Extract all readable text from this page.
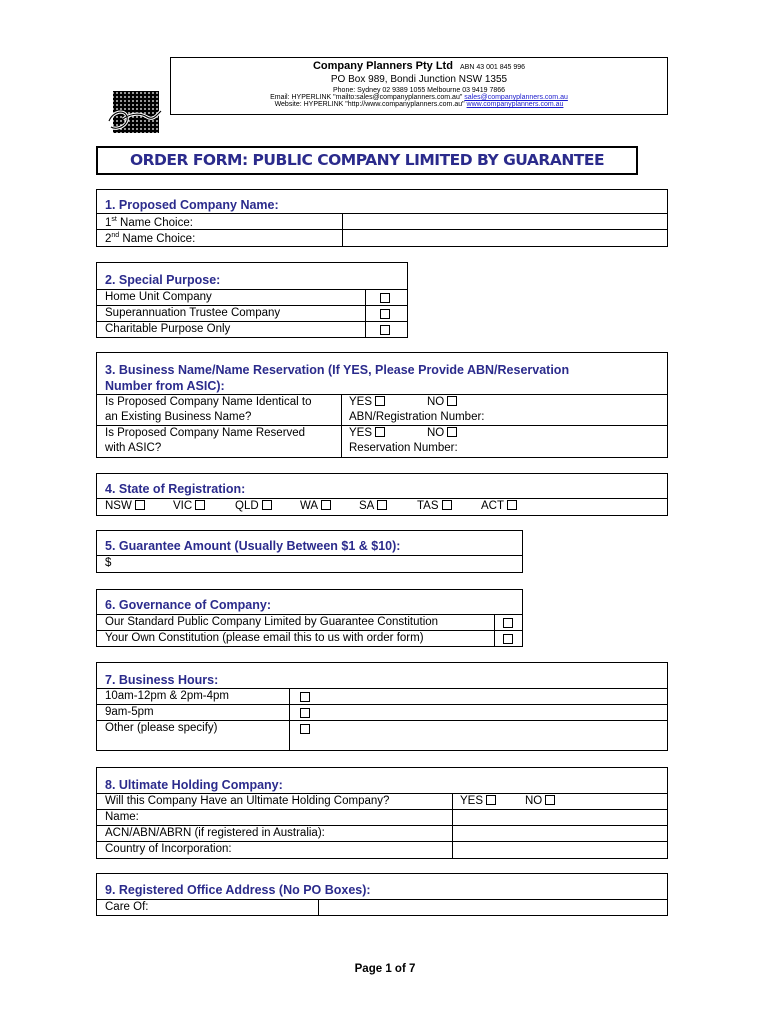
Company Planners Pty Ltd ABN 43 001 845 996
PO Box 989, Bondi Junction NSW 1355
Phone: Sydney 02 9389 1055 Melbourne 03 9419 7866
Email: HYPERLINK "mailto:sales@companyplanners.com.au" sales@companyplanners.com.au
Website: HYPERLINK "http://www.companyplanners.com.au" www.companyplanners.com.au
ORDER FORM: PUBLIC COMPANY LIMITED BY GUARANTEE
1. Proposed Company Name:
1st Name Choice:
2nd Name Choice:
2. Special Purpose:
Home Unit Company
Superannuation Trustee Company
Charitable Purpose Only
3. Business Name/Name Reservation (If YES, Please Provide ABN/Reservation
Number from ASIC):
Is Proposed Company Name Identical to
an Existing Business Name?
YES	NO
ABN/Registration Number:
Is Proposed Company Name Reserved
with ASIC?
YES	NO
Reservation Number:
4. State of Registration:
NSW	VIC	QLD	WA	SA	TAS	ACT
5. Guarantee Amount (Usually Between $1 & $10):
$
6. Governance of Company:
Our Standard Public Company Limited by Guarantee Constitution
Your Own Constitution (please email this to us with order form)
7. Business Hours:
10am-12pm & 2pm-4pm
9am-5pm
Other (please specify)
8. Ultimate Holding Company:
Will this Company Have an Ultimate Holding Company?	YES	NO
Name:
ACN/ABN/ABRN (if registered in Australia):
Country of Incorporation:
9. Registered Office Address (No PO Boxes):
Care Of:
Page 1 of 7
